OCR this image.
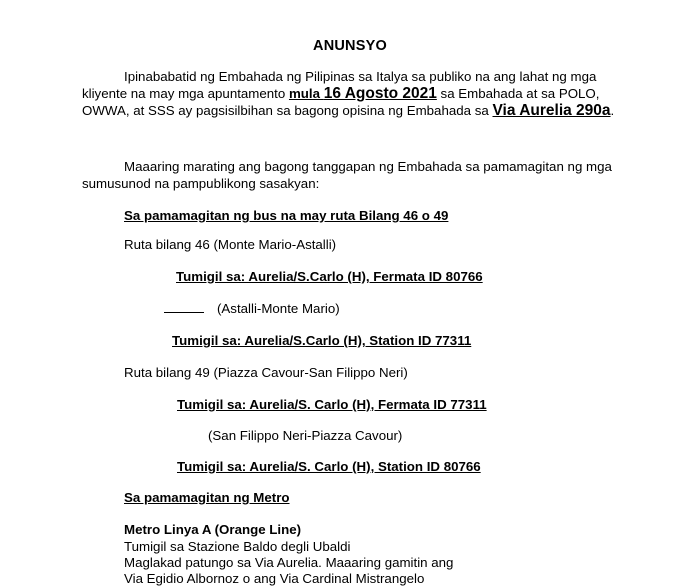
ANUNSYO

Ipinababatid ng Embahada ng Pilipinas sa Italya sa publiko na ang lahat ng mga kliyente na may mga apuntamento mula 16 Agosto 2021 sa Embahada at sa POLO, OWWA, at SSS ay pagsisilbihan sa bagong opisina ng Embahada sa Via Aurelia 290a.

Maaaring marating ang bagong tanggapan ng Embahada sa pamamagitan ng mga sumusunod na pampublikong sasakyan:

Sa pamamagitan ng bus na may ruta Bilang 46 o 49
Ruta bilang 46 (Monte Mario-Astalli)
Tumigil sa: Aurelia/S.Carlo (H), Fermata ID 80766
(Astalli-Monte Mario)
Tumigil sa: Aurelia/S.Carlo (H), Station ID 77311
Ruta bilang 49 (Piazza Cavour-San Filippo Neri)
Tumigil sa: Aurelia/S. Carlo (H), Fermata ID 77311
(San Filippo Neri-Piazza Cavour)
Tumigil sa: Aurelia/S. Carlo (H), Station ID 80766
Sa pamamagitan ng Metro
Metro Linya A (Orange Line)
Tumigil sa Stazione Baldo degli Ubaldi
Maglakad patungo sa Via Aurelia. Maaaring gamitin ang
Via Egidio Albornoz o ang Via Cardinal Mistrangelo
